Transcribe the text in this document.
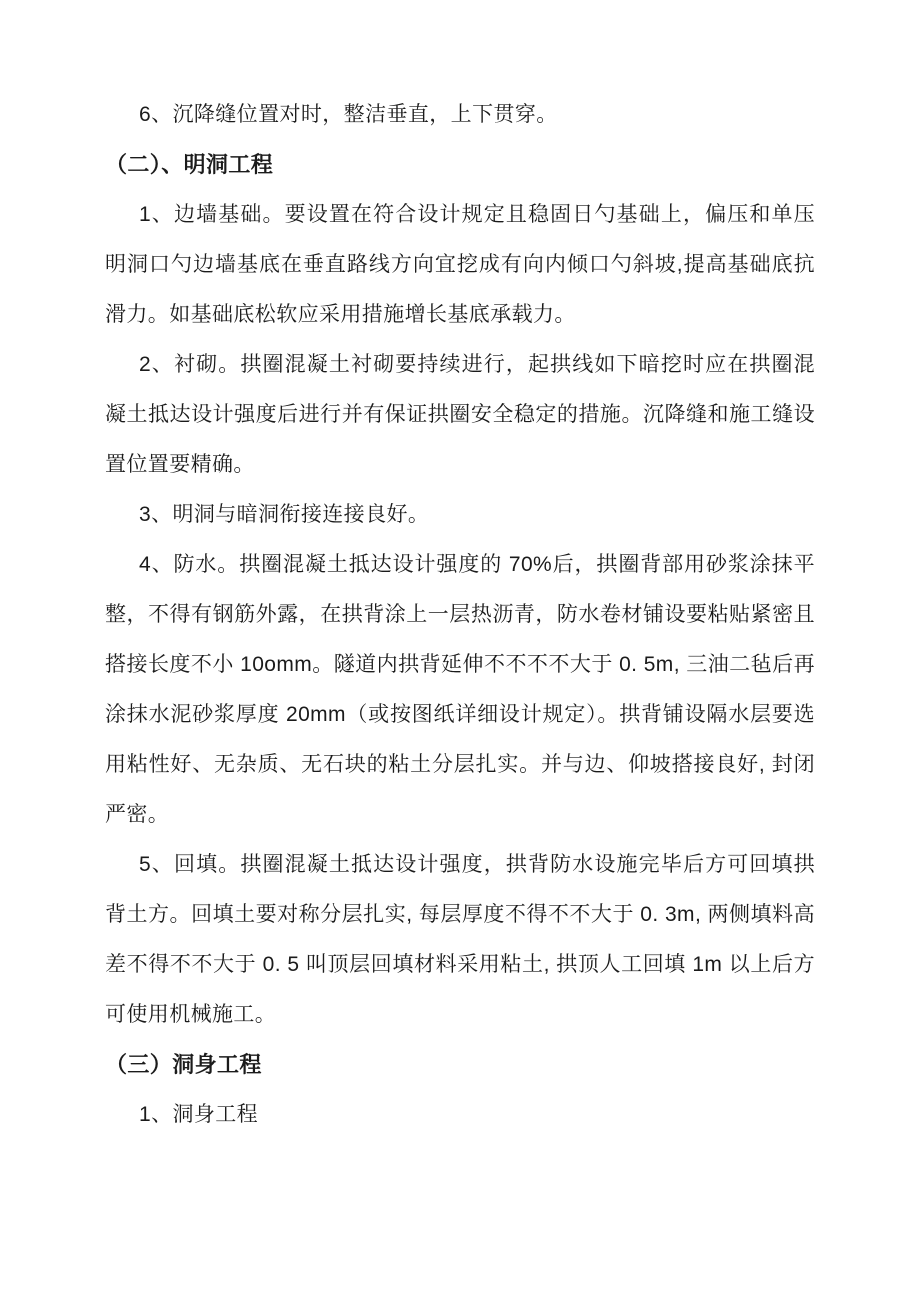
6、沉降缝位置对时，整洁垂直，上下贯穿。
（二）、明洞工程
1、边墙基础。要设置在符合设计规定且稳固日勺基础上，偏压和单压
明洞口勺边墙基底在垂直路线方向宜挖成有向内倾口勺斜坡,提高基础底抗
滑力。如基础底松软应采用措施增长基底承载力。
2、衬砌。拱圈混凝土衬砌要持续进行，起拱线如下暗挖时应在拱圈混
凝土抵达设计强度后进行并有保证拱圈安全稳定的措施。沉降缝和施工缝设
置位置要精确。
3、明洞与暗洞衔接连接良好。
4、防水。拱圈混凝土抵达设计强度的 70%后，拱圈背部用砂浆涂抹平
整，不得有钢筋外露，在拱背涂上一层热沥青，防水卷材铺设要粘贴紧密且
搭接长度不小 10omm。隧道内拱背延伸不不不不大于 0. 5m, 三油二毡后再
涂抹水泥砂浆厚度 20mm（或按图纸详细设计规定）。拱背铺设隔水层要选
用粘性好、无杂质、无石块的粘土分层扎实。并与边、仰坡搭接良好, 封闭
严密。
5、回填。拱圈混凝土抵达设计强度，拱背防水设施完毕后方可回填拱
背土方。回填土要对称分层扎实, 每层厚度不得不不大于 0. 3m, 两侧填料高
差不得不不大于 0. 5 叫顶层回填材料采用粘土, 拱顶人工回填 1m 以上后方
可使用机械施工。
（三）洞身工程
1、洞身工程
